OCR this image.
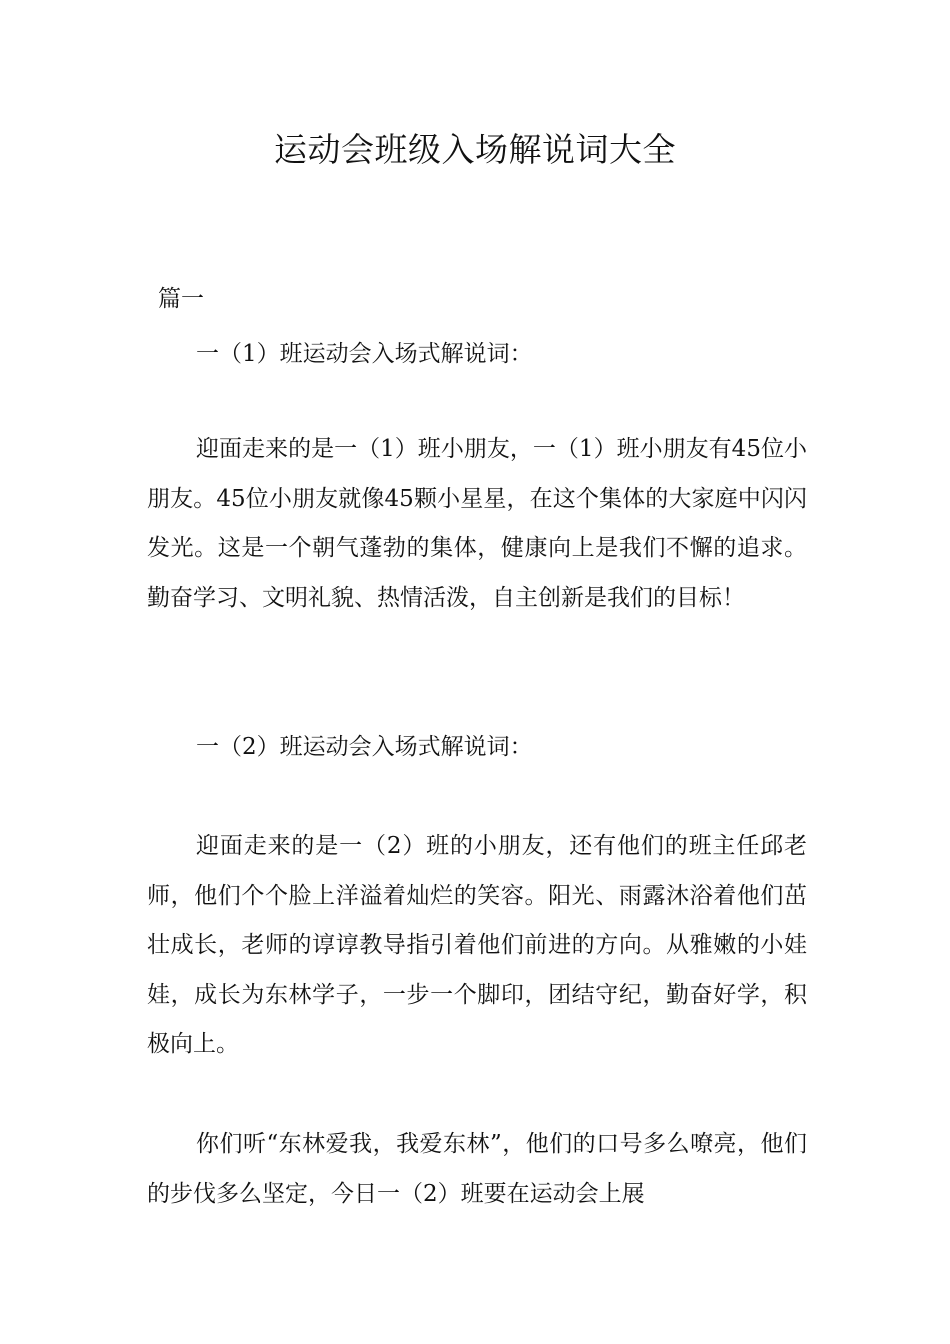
运动会班级入场解说词大全
篇一
一（1）班运动会入场式解说词：

迎面走来的是一（1）班小朋友，一（1）班小朋友有45位小朋友。45位小朋友就像45颗小星星，在这个集体的大家庭中闪闪发光。这是一个朝气蓬勃的集体，健康向上是我们不懈的追求。勤奋学习、文明礼貌、热情活泼，自主创新是我们的目标！

一（2）班运动会入场式解说词：

迎面走来的是一（2）班的小朋友，还有他们的班主任邱老师，他们个个脸上洋溢着灿烂的笑容。阳光、雨露沐浴着他们茁壮成长，老师的谆谆教导指引着他们前进的方向。从雅嫩的小娃娃，成长为东林学子，一步一个脚印，团结守纪，勤奋好学，积极向上。

你们听“东林爱我，我爱东林”，他们的口号多么嘹亮，他们的步伐多么坚定，今日一（2）班要在运动会上展
